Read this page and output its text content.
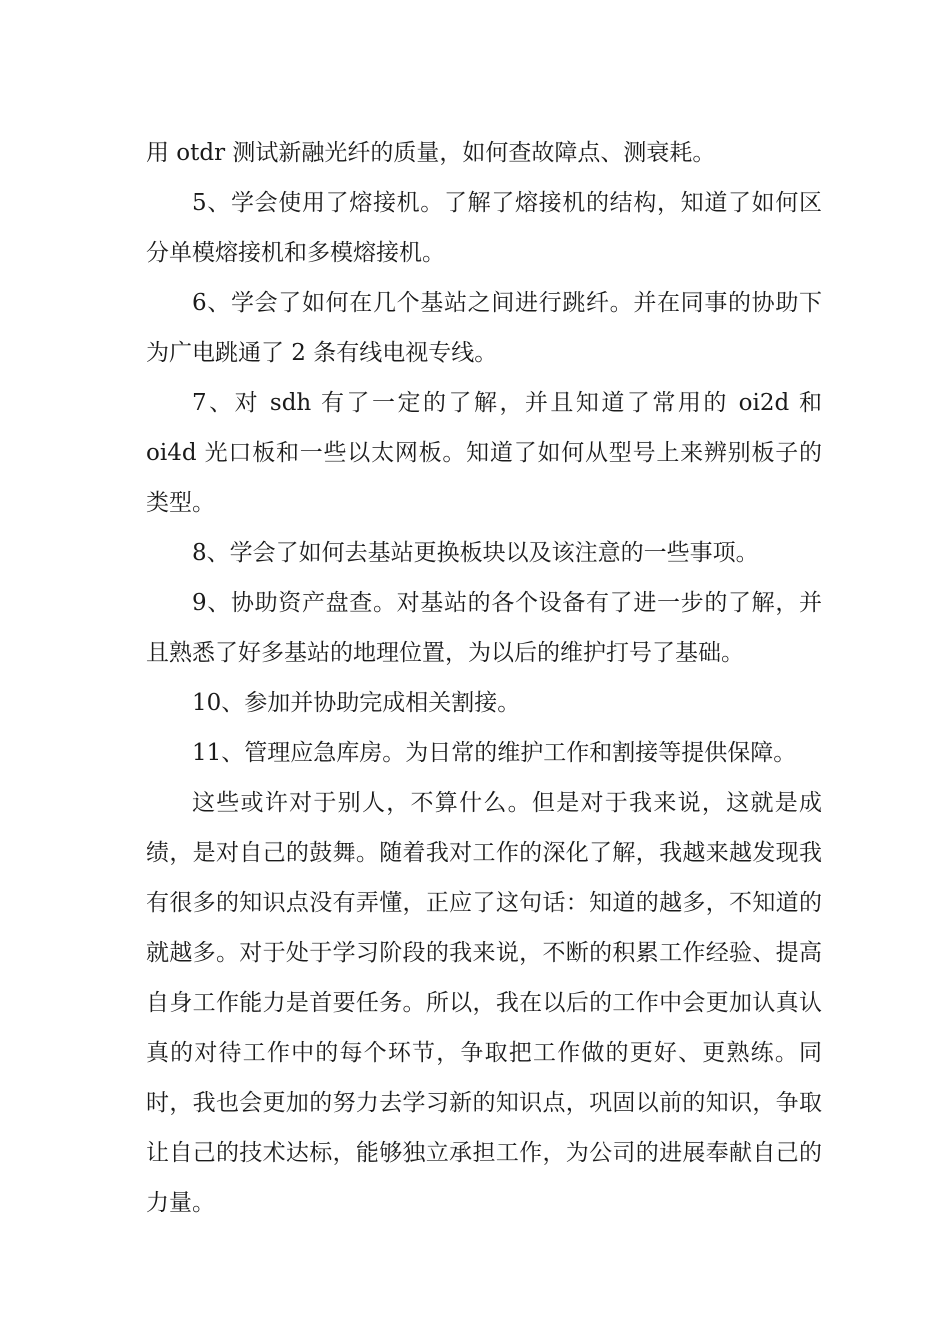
用 otdr 测试新融光纤的质量，如何查故障点、测衰耗。

5、学会使用了熔接机。了解了熔接机的结构，知道了如何区分单模熔接机和多模熔接机。

6、学会了如何在几个基站之间进行跳纤。并在同事的协助下为广电跳通了 2 条有线电视专线。

7、对 sdh 有了一定的了解，并且知道了常用的 oi2d 和 oi4d 光口板和一些以太网板。知道了如何从型号上来辨别板子的类型。

8、学会了如何去基站更换板块以及该注意的一些事项。

9、协助资产盘查。对基站的各个设备有了进一步的了解，并且熟悉了好多基站的地理位置，为以后的维护打号了基础。

10、参加并协助完成相关割接。

11、管理应急库房。为日常的维护工作和割接等提供保障。

这些或许对于别人，不算什么。但是对于我来说，这就是成绩，是对自己的鼓舞。随着我对工作的深化了解，我越来越发现我有很多的知识点没有弄懂，正应了这句话：知道的越多，不知道的就越多。对于处于学习阶段的我来说，不断的积累工作经验、提高自身工作能力是首要任务。所以，我在以后的工作中会更加认真认真的对待工作中的每个环节，争取把工作做的更好、更熟练。同时，我也会更加的努力去学习新的知识点，巩固以前的知识，争取让自己的技术达标，能够独立承担工作，为公司的进展奉献自己的力量。
